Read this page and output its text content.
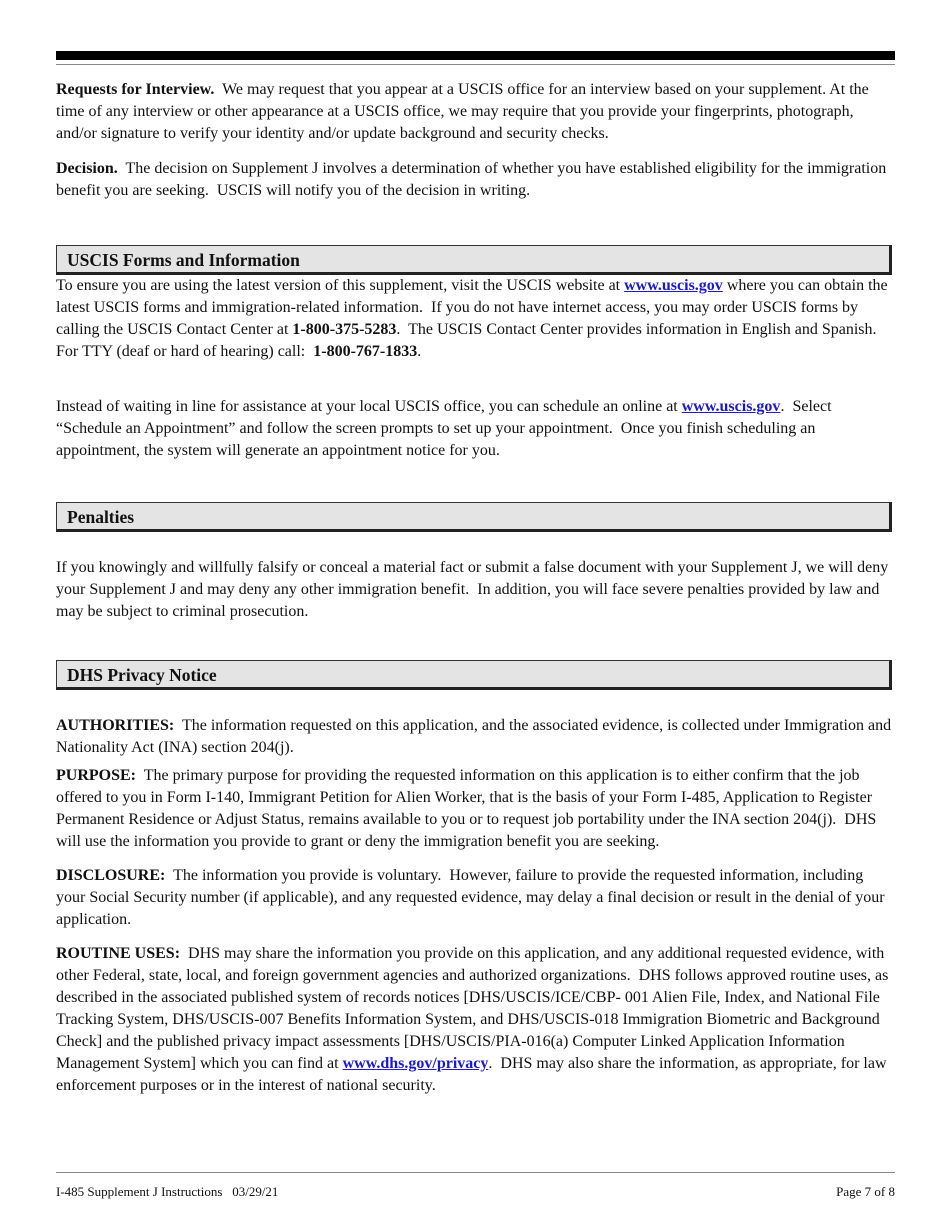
Requests for Interview.  We may request that you appear at a USCIS office for an interview based on your supplement. At the time of any interview or other appearance at a USCIS office, we may require that you provide your fingerprints, photograph, and/or signature to verify your identity and/or update background and security checks.

Decision.  The decision on Supplement J involves a determination of whether you have established eligibility for the immigration benefit you are seeking.  USCIS will notify you of the decision in writing.

USCIS Forms and Information

To ensure you are using the latest version of this supplement, visit the USCIS website at www.uscis.gov where you can obtain the latest USCIS forms and immigration-related information.  If you do not have internet access, you may order USCIS forms by calling the USCIS Contact Center at 1-800-375-5283.  The USCIS Contact Center provides information in English and Spanish.  For TTY (deaf or hard of hearing) call:  1-800-767-1833.

Instead of waiting in line for assistance at your local USCIS office, you can schedule an online at www.uscis.gov.  Select “Schedule an Appointment” and follow the screen prompts to set up your appointment.  Once you finish scheduling an appointment, the system will generate an appointment notice for you.

Penalties

If you knowingly and willfully falsify or conceal a material fact or submit a false document with your Supplement J, we will deny your Supplement J and may deny any other immigration benefit.  In addition, you will face severe penalties provided by law and may be subject to criminal prosecution.

DHS Privacy Notice

AUTHORITIES:  The information requested on this application, and the associated evidence, is collected under Immigration and Nationality Act (INA) section 204(j).

PURPOSE:  The primary purpose for providing the requested information on this application is to either confirm that the job offered to you in Form I-140, Immigrant Petition for Alien Worker, that is the basis of your Form I-485, Application to Register Permanent Residence or Adjust Status, remains available to you or to request job portability under the INA section 204(j).  DHS will use the information you provide to grant or deny the immigration benefit you are seeking.

DISCLOSURE:  The information you provide is voluntary.  However, failure to provide the requested information, including your Social Security number (if applicable), and any requested evidence, may delay a final decision or result in the denial of your application.

ROUTINE USES:  DHS may share the information you provide on this application, and any additional requested evidence, with other Federal, state, local, and foreign government agencies and authorized organizations.  DHS follows approved routine uses, as described in the associated published system of records notices [DHS/USCIS/ICE/CBP- 001 Alien File, Index, and National File Tracking System, DHS/USCIS-007 Benefits Information System, and DHS/USCIS-018 Immigration Biometric and Background Check] and the published privacy impact assessments [DHS/USCIS/PIA-016(a) Computer Linked Application Information Management System] which you can find at www.dhs.gov/privacy.  DHS may also share the information, as appropriate, for law enforcement purposes or in the interest of national security.

I-485 Supplement J Instructions   03/29/21	Page 7 of 8
